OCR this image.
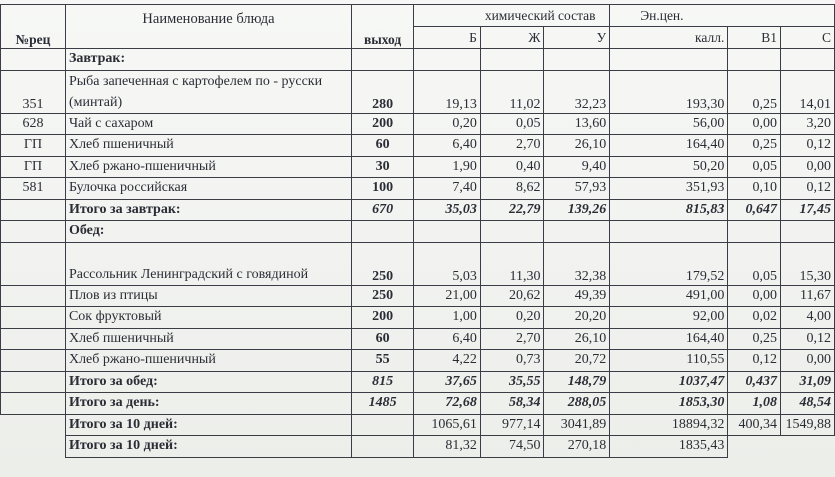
№рец	Наименование блюда	выход	химический состав			Эн.цен.		
			Б	Ж	У	калл.	B1	С
	Завтрак:							
351	Рыба запеченная с картофелем по - русски (минтай)	280	19,13	11,02	32,23	193,30	0,25	14,01
628	Чай с сахаром	200	0,20	0,05	13,60	56,00	0,00	3,20
ГП	Хлеб пшеничный	60	6,40	2,70	26,10	164,40	0,25	0,12
ГП	Хлеб ржано-пшеничный	30	1,90	0,40	9,40	50,20	0,05	0,00
581	Булочка российская	100	7,40	8,62	57,93	351,93	0,10	0,12
	Итого за завтрак:	670	35,03	22,79	139,26	815,83	0,647	17,45
	Обед:							
	Рассольник Ленинградский с говядиной	250	5,03	11,30	32,38	179,52	0,05	15,30
	Плов из птицы	250	21,00	20,62	49,39	491,00	0,00	11,67
	Сок фруктовый	200	1,00	0,20	20,20	92,00	0,02	4,00
	Хлеб пшеничный	60	6,40	2,70	26,10	164,40	0,25	0,12
	Хлеб ржано-пшеничный	55	4,22	0,73	20,72	110,55	0,12	0,00
	Итого за обед:	815	37,65	35,55	148,79	1037,47	0,437	31,09
	Итого за день:	1485	72,68	58,34	288,05	1853,30	1,08	48,54
	Итого за 10 дней:		1065,61	977,14	3041,89	18894,32	400,34	1549,88
	Итого за 10 дней:		81,32	74,50	270,18	1835,43		
